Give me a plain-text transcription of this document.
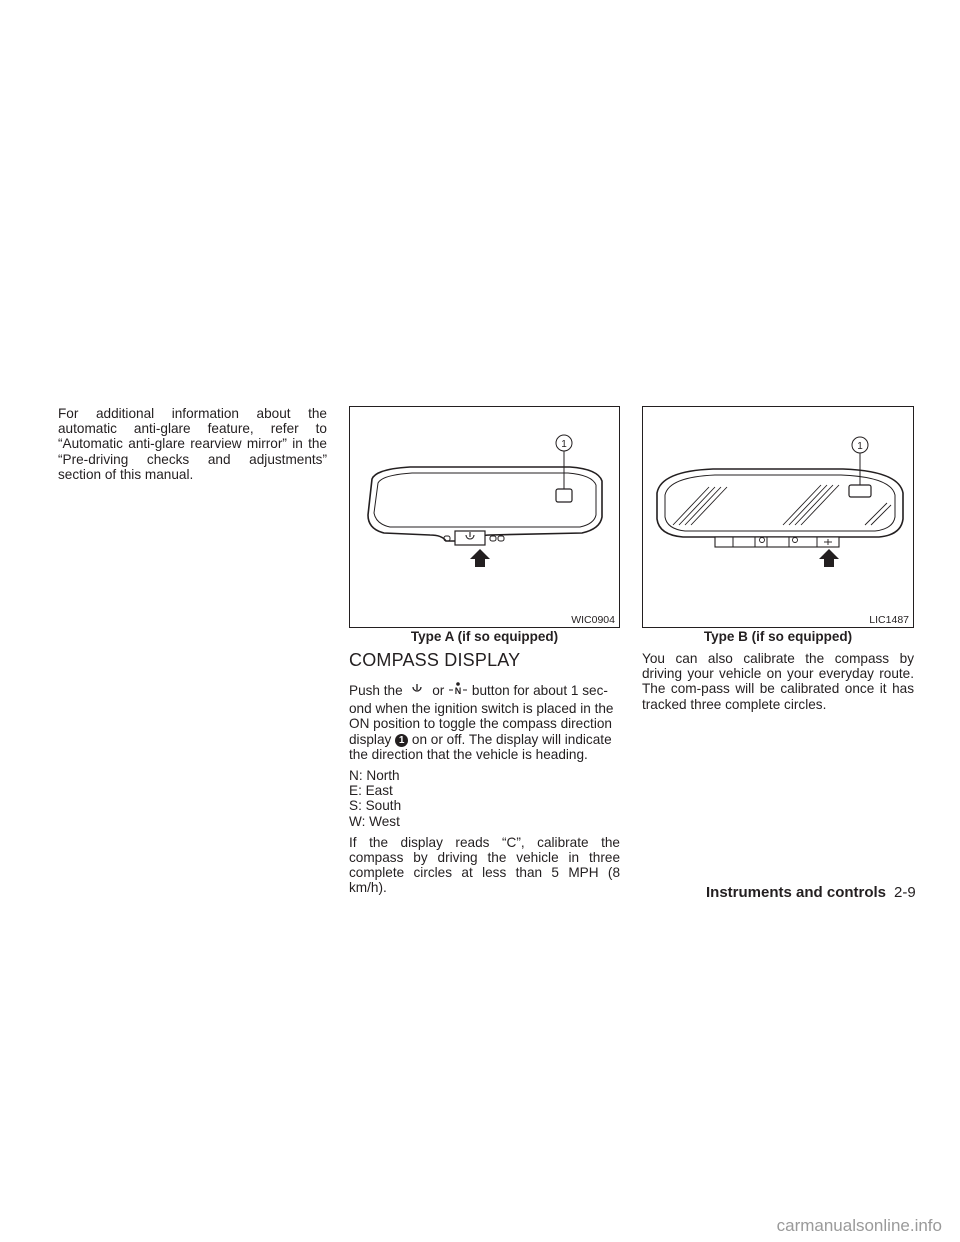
For additional information about the automatic anti-glare feature, refer to “Automatic anti-glare rearview mirror” in the “Pre-driving checks and adjustments” section of this manual.

1
WIC0904
Type A (if so equipped)
1
LIC1487
Type B (if so equipped)
COMPASS DISPLAY

Push the or N button for about 1 sec- ond when the ignition switch is placed in the ON position to toggle the compass direction display 1 on or off. The display will indicate the direction that the vehicle is heading.

N: North

E: East

S: South

W: West

If the display reads “C”, calibrate the compass by driving the vehicle in three complete circles at less than 5 MPH (8 km/h).

You can also calibrate the compass by driving your vehicle on your everyday route. The com-pass will be calibrated once it has tracked three complete circles.

Instruments and controls 2-9
carmanualsonline.info
